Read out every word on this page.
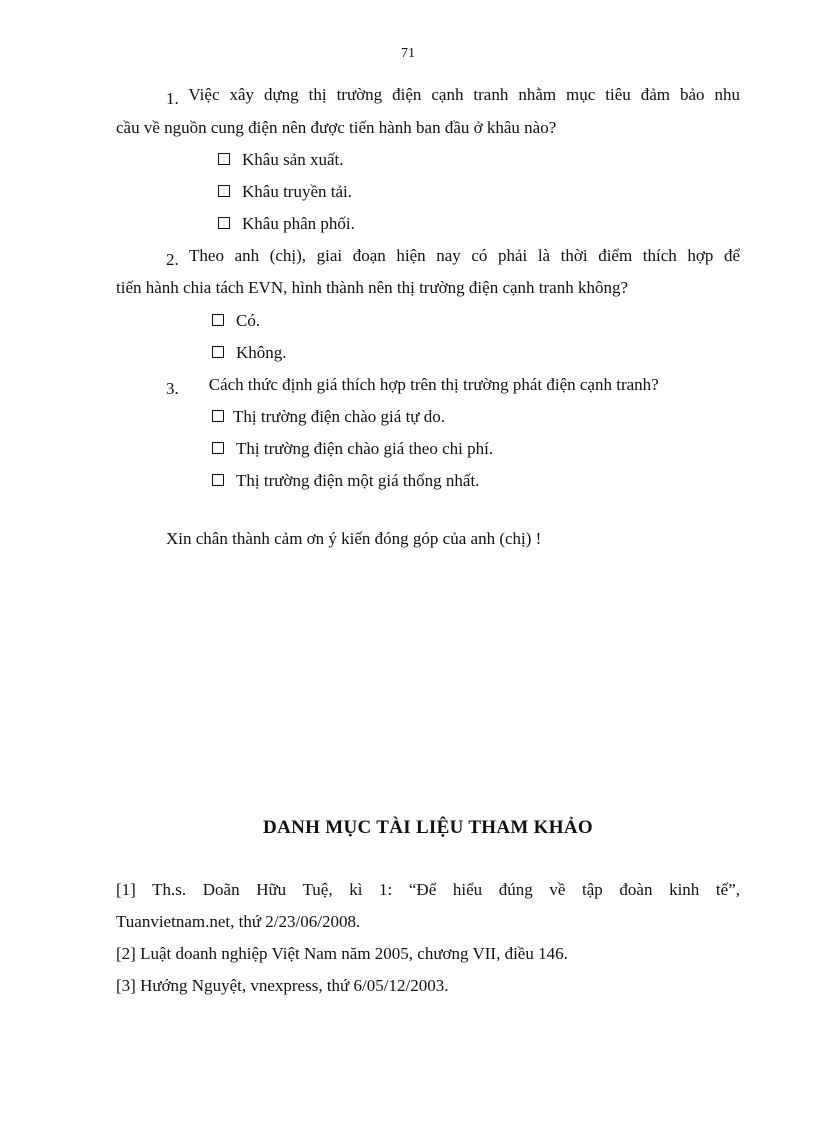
71
1. Việc xây dựng thị trường điện cạnh tranh nhằm mục tiêu đảm bảo nhu
cầu về nguồn cung điện nên được tiến hành ban đầu ở khâu nào?
Khâu sản xuất.
Khâu truyền tải.
Khâu phân phối.
2. Theo anh (chị), giai đoạn hiện nay có phải là thời điểm thích hợp để
tiến hành chia tách EVN, hình thành nên thị trường điện cạnh tranh không?
Có.
Không.
3. Cách thức định giá thích hợp trên thị trường phát điện cạnh tranh?
Thị trường điện chào giá tự do.
Thị trường điện chào giá theo chi phí.
Thị trường điện một giá thống nhất.
Xin chân thành cảm ơn ý kiến đóng góp của anh (chị) !
DANH MỤC TÀI LIỆU THAM KHẢO
[1] Th.s. Doãn Hữu Tuệ, kì 1: “Để hiểu đúng về tập đoàn kinh tế”,
Tuanvietnam.net, thứ 2/23/06/2008.
[2] Luật doanh nghiệp Việt Nam năm 2005, chương VII, điều 146.
[3] Hướng Nguyệt, vnexpress, thứ 6/05/12/2003.
